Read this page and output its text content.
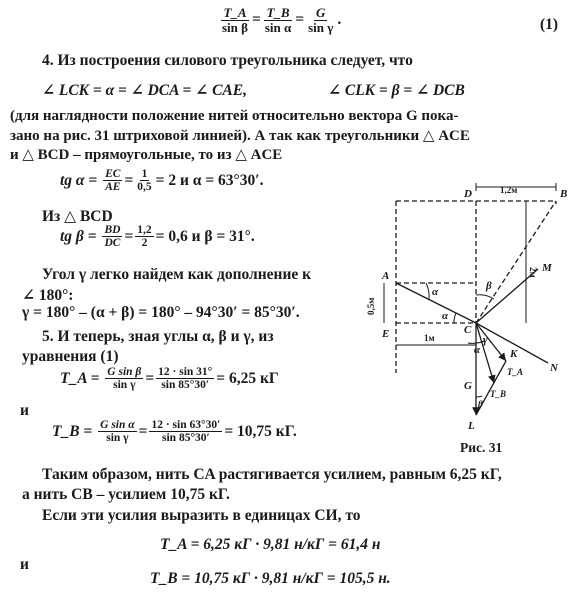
$\frac{T\_A}{\text{sin β}} = \frac{T\_B}{\text{sin α}} = \frac{G}{\text{sin γ}}$ .	(1)
4. Из построения силового треугольника следует, что
∠ LCK = α = ∠ DCA = ∠ CAE,	∠ CLK = β = ∠ DCB
(для наглядности положение нитей относительно вектора G пока-
зано на рис. 31 штриховой линией). А так как треугольники △ ACE
и △ BCD – прямоугольные, то из △ ACE
tg $\alpha = \frac{EC}{AE} = \frac{1}{0,5} = 2$ и α = 63°30′.
Из △ BCD
tg $\beta = \frac{BD}{DC} = \frac{1,2}{2} = 0,6$ и β = 31°.
Угол γ легко найдем как дополнение к
∠ 180°:
γ = 180° – (α + β) = 180° – 94°30′ = 85°30′.
5. И теперь, зная углы α, β и γ, из
уравнения (1)
T_A = $\frac{\text{G sin β}}{\text{sin γ}} = \frac{12 \cdot \sin 31^\circ}{\sin 85^\circ 30'} = 6,25$ кГ
и
T_B = $\frac{\text{G sin α}}{\text{sin γ}} = \frac{12 \cdot \sin 63^\circ 30'}{\sin 85^\circ 30'} = 10,75$ кГ.
Таким образом, нить CA растягивается усилием, равным 6,25 кГ,
а нить CB – усилием 10,75 кГ.
Если эти усилия выразить в единицах СИ, то
T_A = 6,25 кГ · 9,81 н/кГ = 61,4 н
и
T_B = 10,75 кГ · 9,81 н/кГ = 105,5 н.
D	B
A
C
E
M
N
K
L
T_A
T_B
G
α
α
α
β
β
γ
1,2м
2м
0,5м
1м
Рис. 31
